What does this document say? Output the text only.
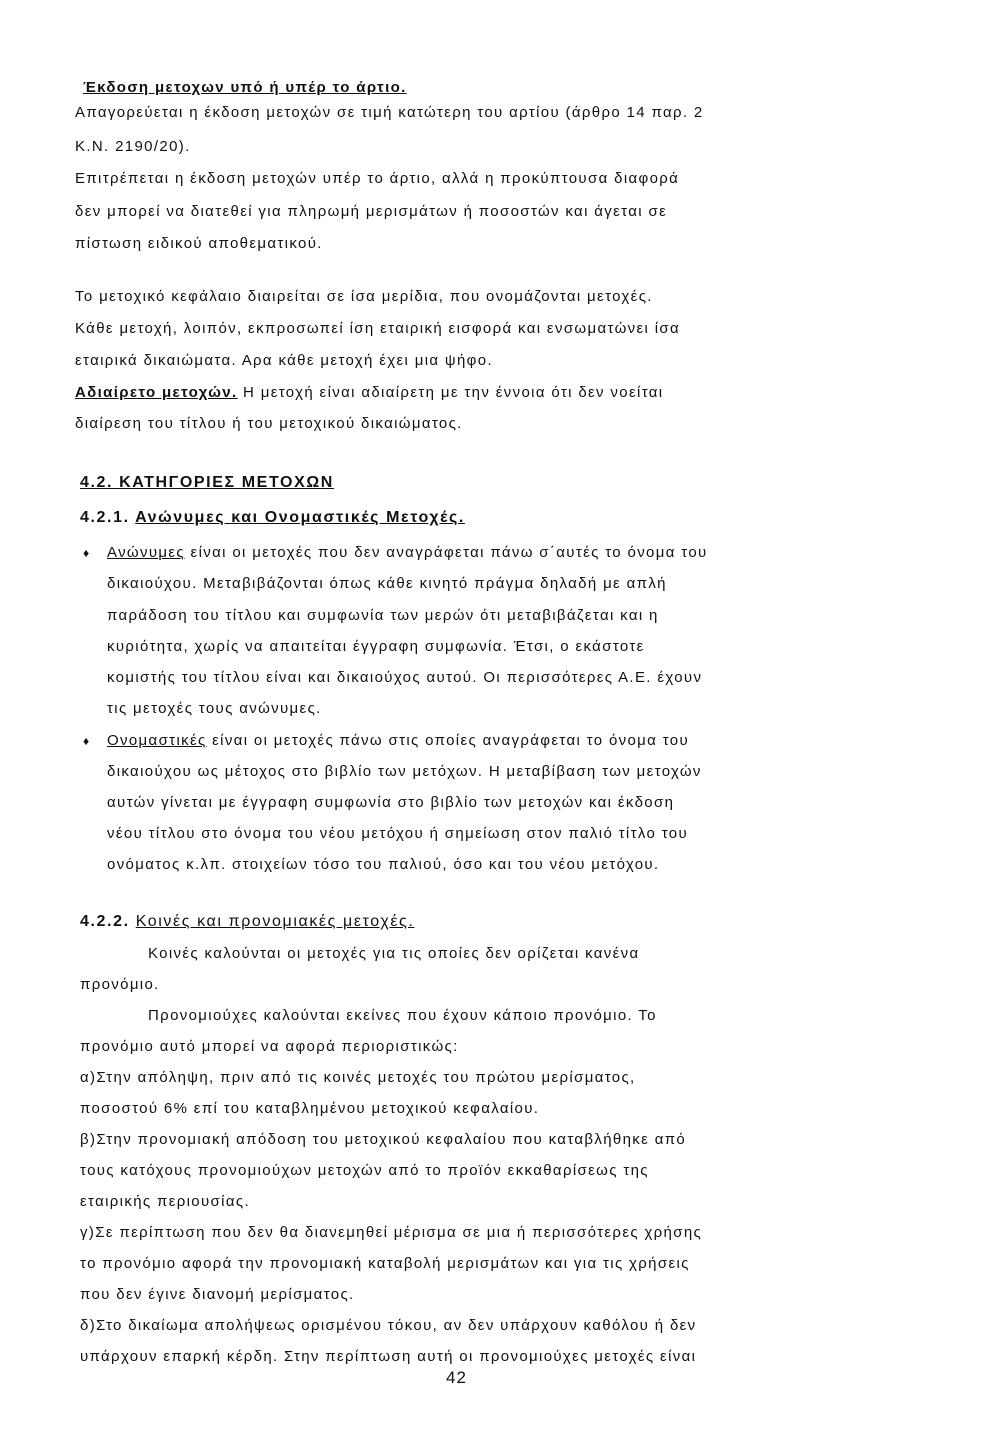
Έκδοση μετοχων υπό ή υπέρ το άρτιο.
Απαγορεύεται η έκδοση μετοχών σε τιμή κατώτερη του αρτίου (άρθρο 14 παρ. 2
Κ.Ν. 2190/20).
Επιτρέπεται η έκδοση μετοχών υπέρ το άρτιο, αλλά η προκύπτουσα διαφορά
δεν μπορεί να διατεθεί για πληρωμή μερισμάτων ή ποσοστών και άγεται σε
πίστωση ειδικού αποθεματικού.
Το μετοχικό κεφάλαιο διαιρείται σε ίσα μερίδια, που ονομάζονται μετοχές.
Κάθε μετοχή, λοιπόν, εκπροσωπεί ίση εταιρική εισφορά και ενσωματώνει ίσα
εταιρικά δικαιώματα. Αρα κάθε μετοχή έχει μια ψήφο.
Αδιαίρετο μετοχών. Η μετοχή είναι αδιαίρετη με την έννοια ότι δεν νοείται
διαίρεση του τίτλου ή του μετοχικού δικαιώματος.
4.2. ΚΑΤΗΓΟΡΙΕΣ ΜΕΤΟΧΩΝ
4.2.1. Ανώνυμες και Ονομαστικές Μετοχές.
♦ Ανώνυμες είναι οι μετοχές που δεν αναγράφεται πάνω σ΄αυτές το όνομα του
δικαιούχου. Μεταβιβάζονται όπως κάθε κινητό πράγμα δηλαδή με απλή
παράδοση του τίτλου και συμφωνία των μερών ότι μεταβιβάζεται και η
κυριότητα, χωρίς να απαιτείται έγγραφη συμφωνία. Έτσι, ο εκάστοτε
κομιστής του τίτλου είναι και δικαιούχος αυτού. Οι περισσότερες Α.Ε. έχουν
τις μετοχές τους ανώνυμες.
♦ Ονομαστικές είναι οι μετοχές πάνω στις οποίες αναγράφεται το όνομα του
δικαιούχου ως μέτοχος στο βιβλίο των μετόχων. Η μεταβίβαση των μετοχών
αυτών γίνεται με έγγραφη συμφωνία στο βιβλίο των μετοχών και έκδοση
νέου τίτλου στο όνομα του νέου μετόχου ή σημείωση στον παλιό τίτλο του
ονόματος κ.λπ. στοιχείων τόσο του παλιού, όσο και του νέου μετόχου.
4.2.2. Κοινές και προνομιακές μετοχές.
Κοινές καλούνται οι μετοχές για τις οποίες δεν ορίζεται κανένα
προνόμιο.
Προνομιούχες καλούνται εκείνες που έχουν κάποιο προνόμιο. Το
προνόμιο αυτό μπορεί να αφορά περιοριστικώς:
α)Στην απόληψη, πριν από τις κοινές μετοχές του πρώτου μερίσματος,
ποσοστού 6% επί του καταβλημένου μετοχικού κεφαλαίου.
β)Στην προνομιακή απόδοση του μετοχικού κεφαλαίου που καταβλήθηκε από
τους κατόχους προνομιούχων μετοχών από το προϊόν εκκαθαρίσεως της
εταιρικής περιουσίας.
γ)Σε περίπτωση που δεν θα διανεμηθεί μέρισμα σε μια ή περισσότερες χρήσης
το προνόμιο αφορά την προνομιακή καταβολή μερισμάτων και για τις χρήσεις
που δεν έγινε διανομή μερίσματος.
δ)Στο δικαίωμα απολήψεως ορισμένου τόκου, αν δεν υπάρχουν καθόλου ή δεν
υπάρχουν επαρκή κέρδη. Στην περίπτωση αυτή οι προνομιούχες μετοχές είναι
42
